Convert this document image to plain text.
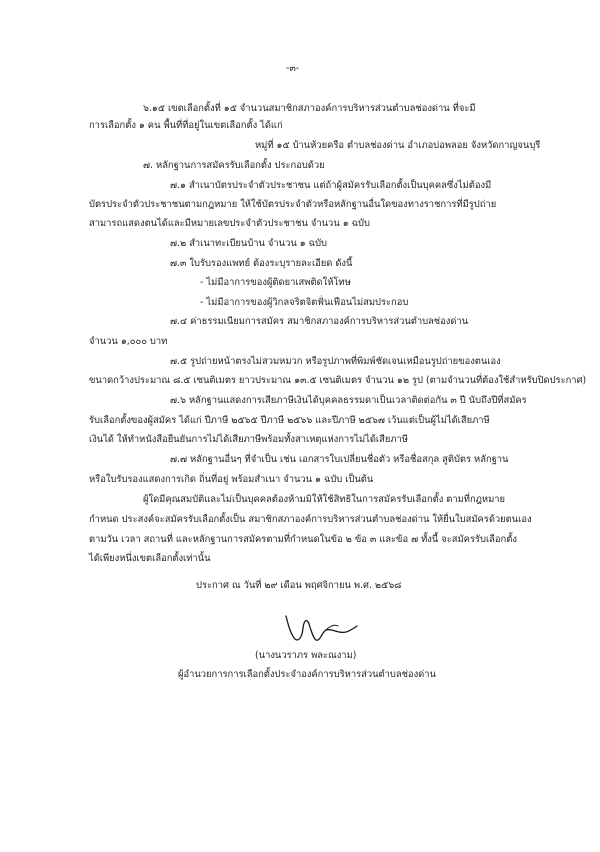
-๓-
๖.๑๕ เขตเลือกตั้งที่ ๑๕ จำนวนสมาชิกสภาองค์การบริหารส่วนตำบลช่องด่าน ที่จะมี
การเลือกตั้ง ๑ คน พื้นที่ที่อยู่ในเขตเลือกตั้ง ได้แก่
หมู่ที่ ๑๕ บ้านห้วยครือ ตำบลช่องด่าน อำเภอบ่อพลอย จังหวัดกาญจนบุรี
๗. หลักฐานการสมัครรับเลือกตั้ง ประกอบด้วย
๗.๑ สำเนาบัตรประจำตัวประชาชน แต่ถ้าผู้สมัครรับเลือกตั้งเป็นบุคคลซึ่งไม่ต้องมี
บัตรประจำตัวประชาชนตามกฎหมาย ให้ใช้บัตรประจำตัวหรือหลักฐานอื่นใดของทางราชการที่มีรูปถ่าย
สามารถแสดงตนได้และมีหมายเลขประจำตัวประชาชน จำนวน ๑ ฉบับ
๗.๒ สำเนาทะเบียนบ้าน จำนวน ๑ ฉบับ
๗.๓ ใบรับรองแพทย์ ต้องระบุรายละเอียด ดังนี้
- ไม่มีอาการของผู้ติดยาเสพติดให้โทษ
- ไม่มีอาการของผู้วิกลจริตจิตฟั่นเฟือนไม่สมประกอบ
๗.๔ ค่าธรรมเนียมการสมัคร สมาชิกสภาองค์การบริหารส่วนตำบลช่องด่าน
จำนวน ๑,๐๐๐ บาท
๗.๕ รูปถ่ายหน้าตรงไม่สวมหมวก หรือรูปภาพที่พิมพ์ชัดเจนเหมือนรูปถ่ายของตนเอง
ขนาดกว้างประมาณ ๘.๕ เซนติเมตร ยาวประมาณ ๑๓.๕ เซนติเมตร จำนวน ๑๒ รูป (ตามจำนวนที่ต้องใช้สำหรับปิดประกาศ)
๗.๖ หลักฐานแสดงการเสียภาษีเงินได้บุคคลธรรมดาเป็นเวลาติดต่อกัน ๓ ปี นับถึงปีที่สมัคร
รับเลือกตั้งของผู้สมัคร ได้แก่ ปีภาษี ๒๕๖๕ ปีภาษี ๒๕๖๖ และปีภาษี ๒๕๖๗ เว้นแต่เป็นผู้ไม่ได้เสียภาษี
เงินได้ ให้ทำหนังสือยืนยันการไม่ได้เสียภาษีพร้อมทั้งสาเหตุแห่งการไม่ได้เสียภาษี
๗.๗ หลักฐานอื่นๆ ที่จำเป็น เช่น เอกสารใบเปลี่ยนชื่อตัว หรือชื่อสกุล สูติบัตร หลักฐาน
หรือใบรับรองแสดงการเกิด ถิ่นที่อยู่ พร้อมสำเนา จำนวน ๑ ฉบับ เป็นต้น
ผู้ใดมีคุณสมบัติและไม่เป็นบุคคลต้องห้ามมิให้ใช้สิทธิในการสมัครรับเลือกตั้ง ตามที่กฎหมาย
กำหนด ประสงค์จะสมัครรับเลือกตั้งเป็น สมาชิกสภาองค์การบริหารส่วนตำบลช่องด่าน ให้ยื่นใบสมัครด้วยตนเอง
ตามวัน เวลา สถานที่ และหลักฐานการสมัครตามที่กำหนดในข้อ ๒ ข้อ ๓ และข้อ ๗ ทั้งนี้ จะสมัครรับเลือกตั้ง
ได้เพียงหนึ่งเขตเลือกตั้งเท่านั้น
ประกาศ ณ วันที่ ๒๙ เดือน พฤศจิกายน พ.ศ. ๒๕๖๘
(นางนวราภร พละณงาม)
ผู้อำนวยการการเลือกตั้งประจำองค์การบริหารส่วนตำบลช่องด่าน
